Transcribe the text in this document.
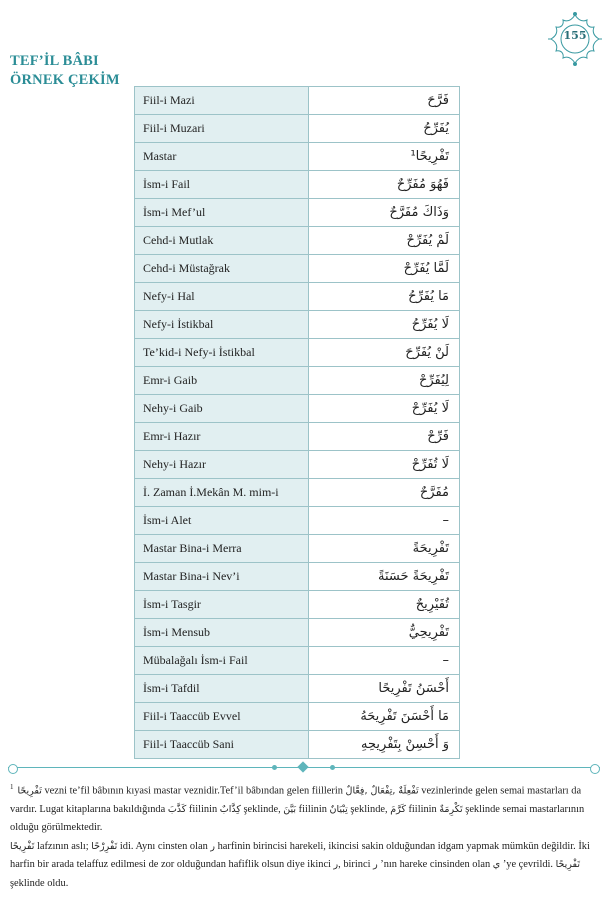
155
TEF’İL BÂBI
ÖRNEK ÇEKİM
Fiil-i Mazi	فَرَّحَ
Fiil-i Muzari	يُفَرِّحُ
Mastar	تَفْرِيحًا¹
İsm-i Fail	فَهُوَ مُفَرِّحٌ
İsm-i Mef’ul	وَذَاكَ مُفَرَّحٌ
Cehd-i Mutlak	لَمْ يُفَرِّحْ
Cehd-i Müstağrak	لَمَّا يُفَرِّحْ
Nefy-i Hal	مَا يُفَرِّحُ
Nefy-i İstikbal	لَا يُفَرِّحُ
Te’kid-i Nefy-i İstikbal	لَنْ يُفَرِّحَ
Emr-i Gaib	لِيُفَرِّحْ
Nehy-i Gaib	لَا يُفَرِّحْ
Emr-i Hazır	فَرِّحْ
Nehy-i Hazır	لَا تُفَرِّحْ
İ. Zaman İ.Mekân M. mim-i	مُفَرَّحٌ
İsm-i Alet	–
Mastar Bina-i Merra	تَفْرِيحَةً
Mastar Bina-i Nev’i	تَفْرِيحَةً حَسَنَةً
İsm-i Tasgir	تُفَيْرِيحٌ
İsm-i Mensub	تَفْرِيحِيٌّ
Mübalağalı İsm-i Fail	–
İsm-i Tafdil	أَحْسَنُ تَفْرِيحًا
Fiil-i Taaccüb Evvel	مَا أَحْسَنَ تَفْرِيحَهُ
Fiil-i Taaccüb Sani	وَ أَحْسِنْ بِتَفْرِيحِهِ

$^1$ تَفْرِيحًا vezni te’fil bâbının kıyasi mastar veznidir.Tef’il bâbından gelen fiillerin تَفْعِلَةٌ ,تِفْعَالٌ ,فِعَّالٌ vezinlerinde gelen semai mastarları da vardır. Lugat kitaplarına bakıldığında كَذَّبَ fiilinin كِذَّابٌ şeklinde, بَيَّنَ fiilinin تِبْيَانٌ şeklinde, كَرَّمَ fiilinin تَكْرِمَةٌ şeklinde semai mastarlarının olduğu görülmektedir.

تَفْرِيحًا lafzının aslı; تَفْرِرْحًا idi. Aynı cinsten olan ر harfinin birincisi harekeli, ikincisi sakin olduğundan idgam yapmak mümkün değildir. İki harfin bir arada telaffuz edilmesi de zor olduğundan hafiflik olsun diye ikinci ر, birinci ر ’nın hareke cinsinden olan ي ’ye çevrildi. تَفْرِيحًا şeklinde oldu.
